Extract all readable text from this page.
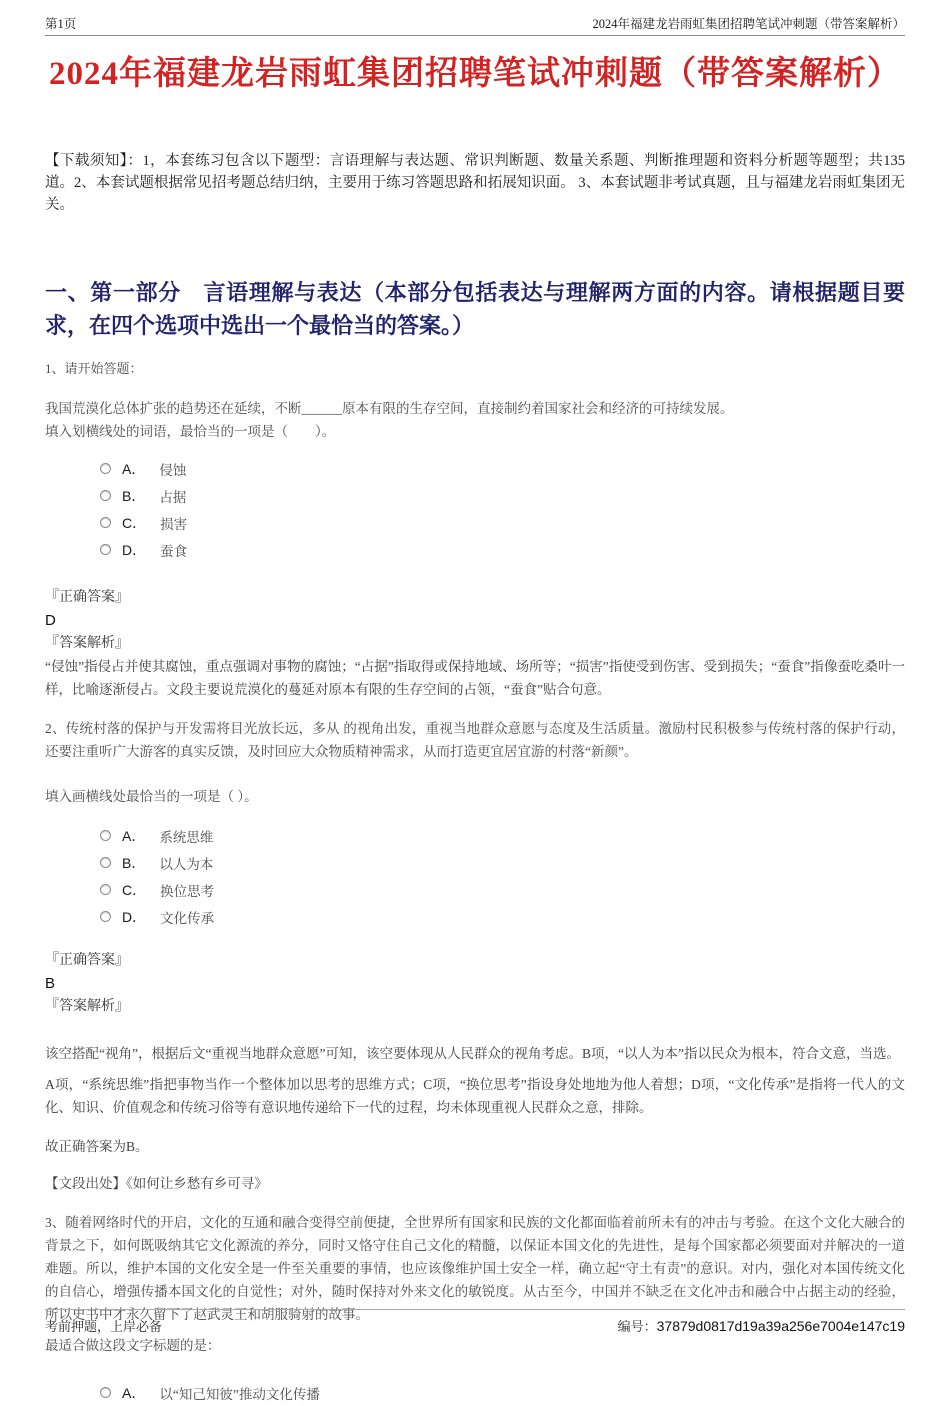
第1页	2024年福建龙岩雨虹集团招聘笔试冲刺题（带答案解析）
2024年福建龙岩雨虹集团招聘笔试冲刺题（带答案解析）

【下载须知】：1，本套练习包含以下题型：言语理解与表达题、常识判断题、数量关系题、判断推理题和资料分析题等题型；共135道。2、本套试题根据常见招考题总结归纳，主要用于练习答题思路和拓展知识面。 3、本套试题非考试真题，且与福建龙岩雨虹集团无关。

一、第一部分　言语理解与表达（本部分包括表达与理解两方面的内容。请根据题目要求，在四个选项中选出一个最恰当的答案。）

1、请开始答题：

我国荒漠化总体扩张的趋势还在延续，不断______原本有限的生存空间，直接制约着国家社会和经济的可持续发展。

填入划横线处的词语，最恰当的一项是（　　）。

A． 侵蚀
B． 占据
C． 损害
D． 蚕食

『正确答案』

D

『答案解析』

“侵蚀”指侵占并使其腐蚀，重点强调对事物的腐蚀；“占据”指取得或保持地域、场所等；“损害”指使受到伤害、受到损失；“蚕食”指像蚕吃桑叶一样，比喻逐渐侵占。文段主要说荒漠化的蔓延对原本有限的生存空间的占领，“蚕食”贴合句意。

2、传统村落的保护与开发需将目光放长远，多从 的视角出发，重视当地群众意愿与态度及生活质量。激励村民积极参与传统村落的保护行动，还要注重听广大游客的真实反馈，及时回应大众物质精神需求，从而打造更宜居宜游的村落“新颜”。

填入画横线处最恰当的一项是（ ）。

A． 系统思维
B． 以人为本
C． 换位思考
D． 文化传承

『正确答案』

B

『答案解析』

该空搭配“视角”，根据后文“重视当地群众意愿”可知，该空要体现从人民群众的视角考虑。B项，“以人为本”指以民众为根本，符合文意，当选。

A项，“系统思维”指把事物当作一个整体加以思考的思维方式；C项，“换位思考”指设身处地地为他人着想；D项，“文化传承”是指将一代人的文化、知识、价值观念和传统习俗等有意识地传递给下一代的过程，均未体现重视人民群众之意，排除。

故正确答案为B。

【文段出处】《如何让乡愁有乡可寻》

3、随着网络时代的开启，文化的互通和融合变得空前便捷，全世界所有国家和民族的文化都面临着前所未有的冲击与考验。在这个文化大融合的背景之下，如何既吸纳其它文化源流的养分，同时又恪守住自己文化的精髓，以保证本国文化的先进性，是每个国家都必须要面对并解决的一道难题。所以，维护本国的文化安全是一件至关重要的事情，也应该像维护国土安全一样，确立起“守土有责”的意识。对内，强化对本国传统文化的自信心，增强传播本国文化的自觉性；对外，随时保持对外来文化的敏锐度。从古至今，中国并不缺乏在文化冲击和融合中占据主动的经验，所以史书中才永久留下了赵武灵王和胡服骑射的故事。

最适合做这段文字标题的是：

A． 以“知己知彼”推动文化传播
考前押题，上岸必备	编号： 37879d0817d19a39a256e7004e147c19
